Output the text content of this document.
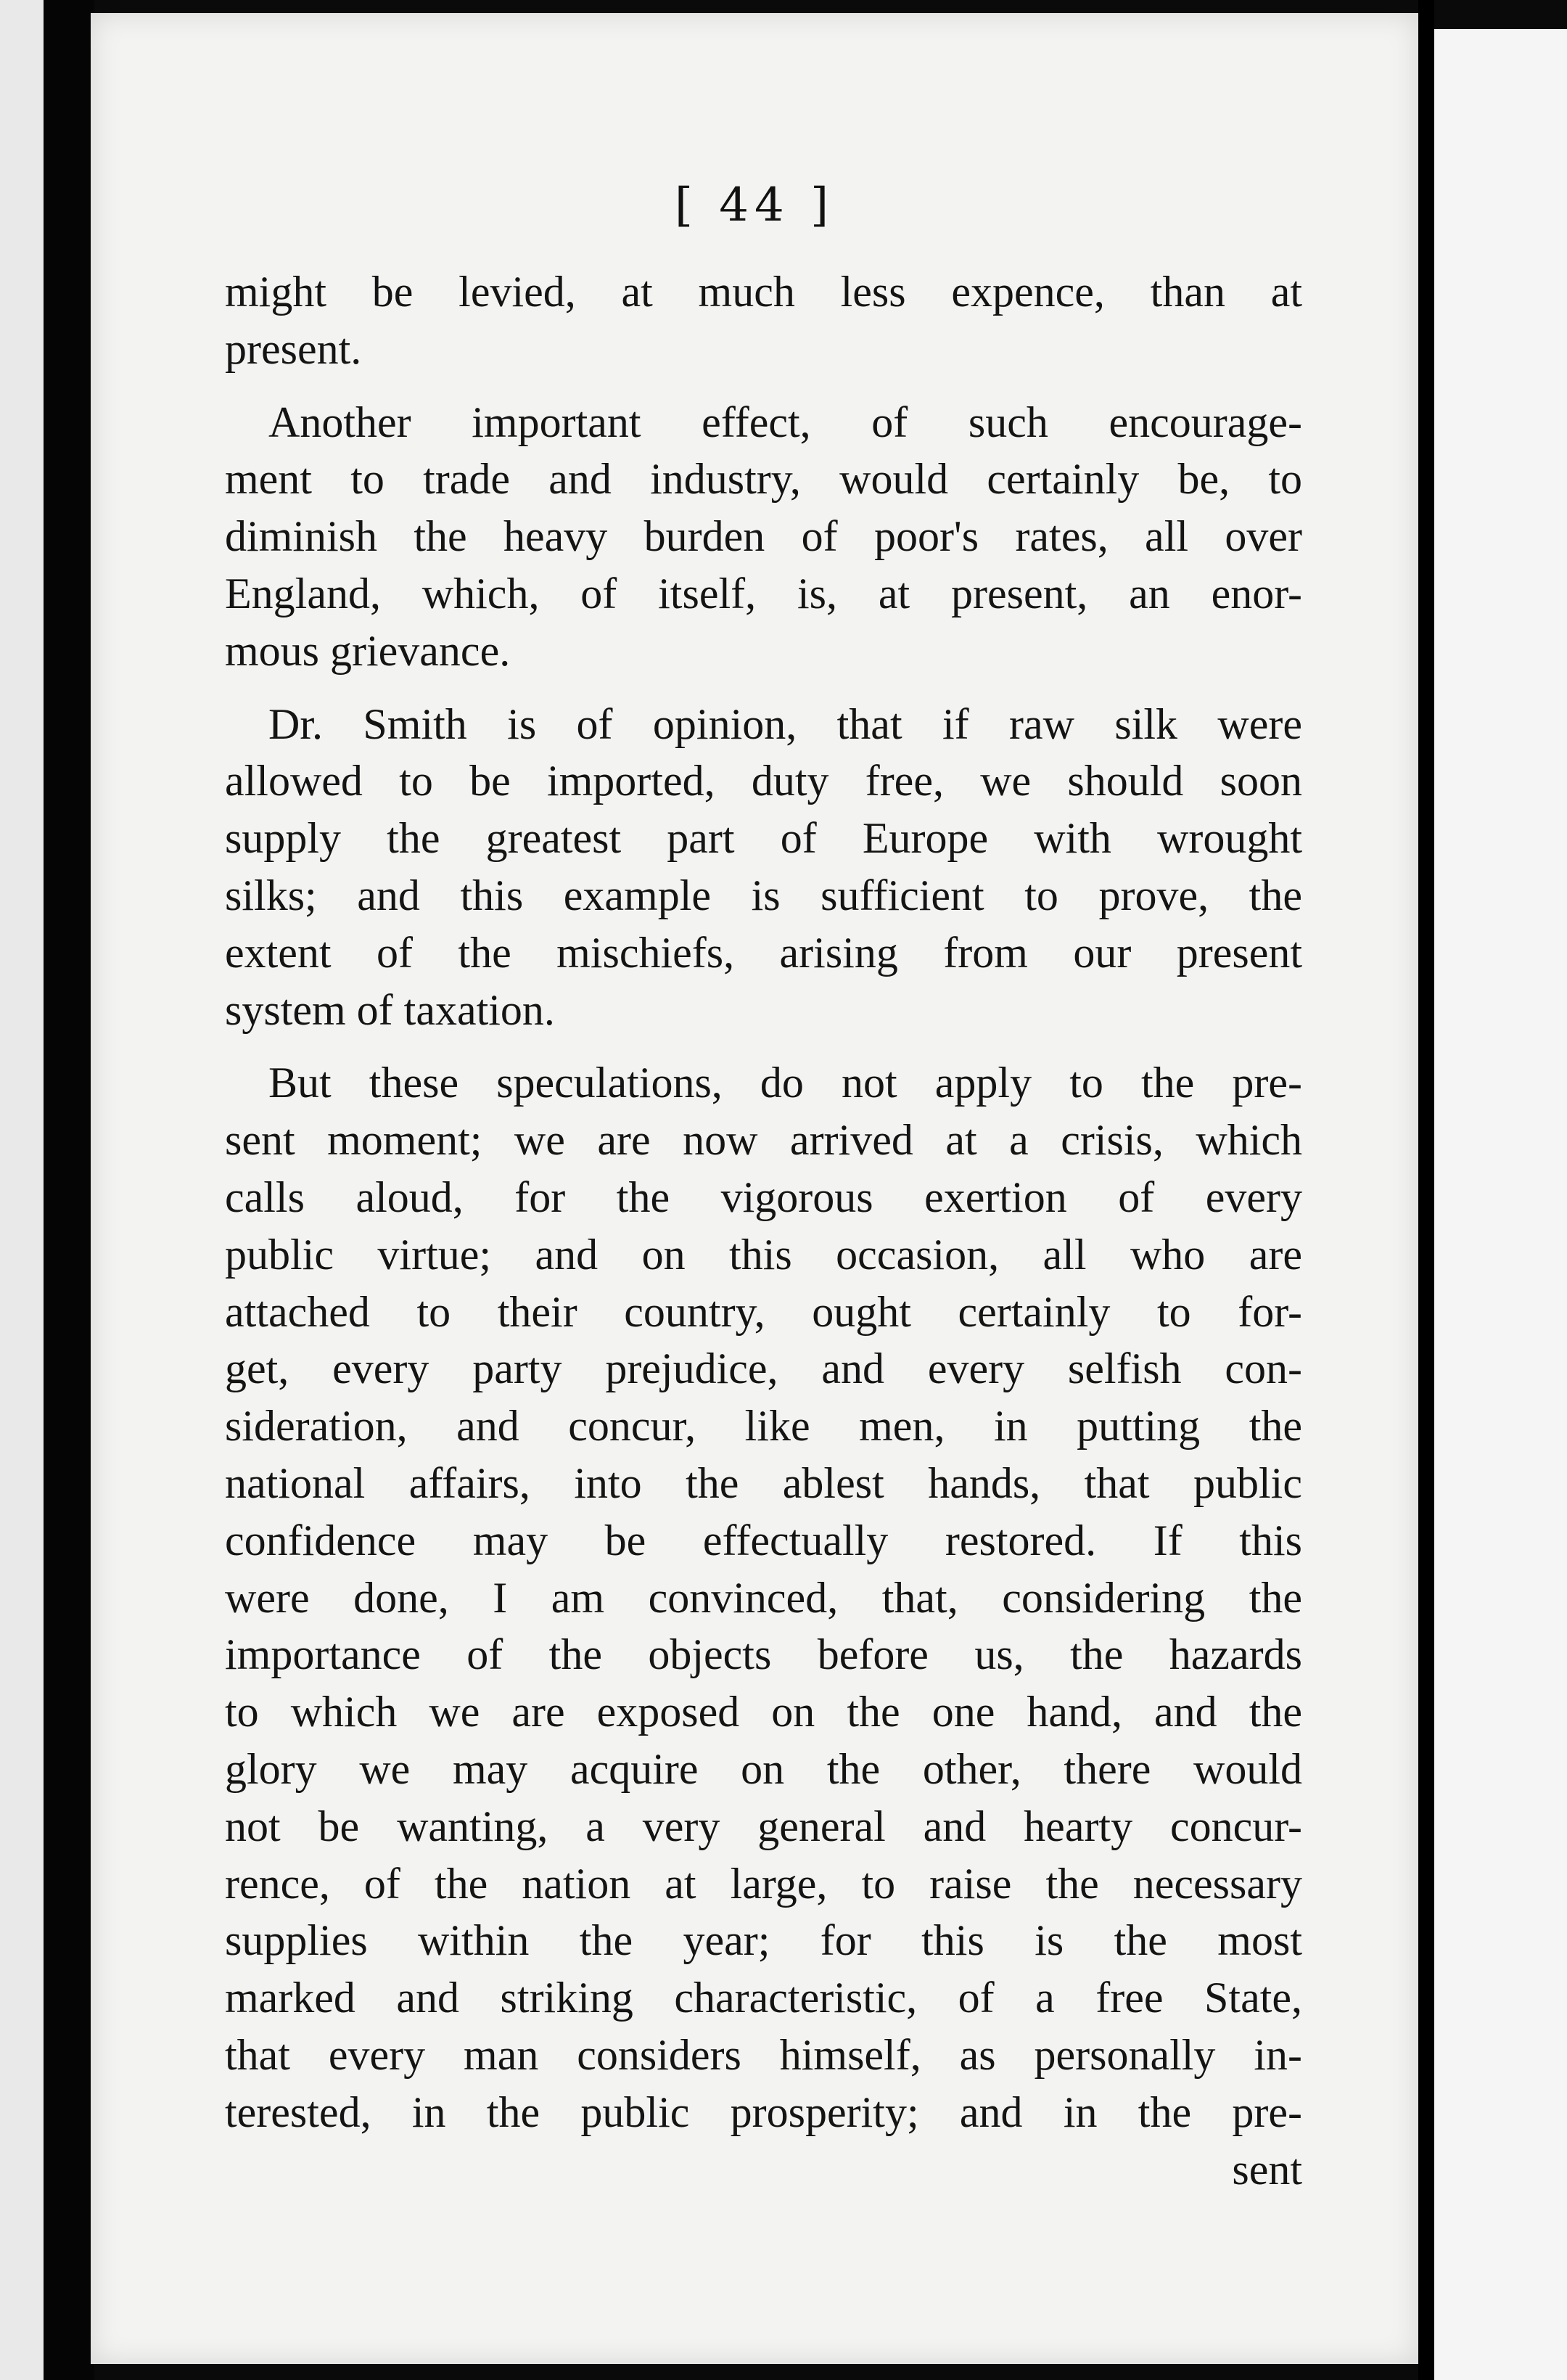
[ 44 ]

might be levied, at much less expence, than at
present.

Another important effect, of such encourage-
ment to trade and industry, would certainly be, to
diminish the heavy burden of poor's rates, all over
England, which, of itself, is, at present, an enor-
mous grievance.

Dr. Smith is of opinion, that if raw silk were
allowed to be imported, duty free, we should soon
supply the greatest part of Europe with wrought
silks; and this example is sufficient to prove, the
extent of the mischiefs, arising from our present
system of taxation.

But these speculations, do not apply to the pre-
sent moment; we are now arrived at a crisis, which
calls aloud, for the vigorous exertion of every
public virtue; and on this occasion, all who are
attached to their country, ought certainly to for-
get, every party prejudice, and every selfish con-
sideration, and concur, like men, in putting the
national affairs, into the ablest hands, that public
confidence may be effectually restored. If this
were done, I am convinced, that, considering the
importance of the objects before us, the hazards
to which we are exposed on the one hand, and the
glory we may acquire on the other, there would
not be wanting, a very general and hearty concur-
rence, of the nation at large, to raise the necessary
supplies within the year; for this is the most
marked and striking characteristic, of a free State,
that every man considers himself, as personally in-
terested, in the public prosperity; and in the pre-
sent
